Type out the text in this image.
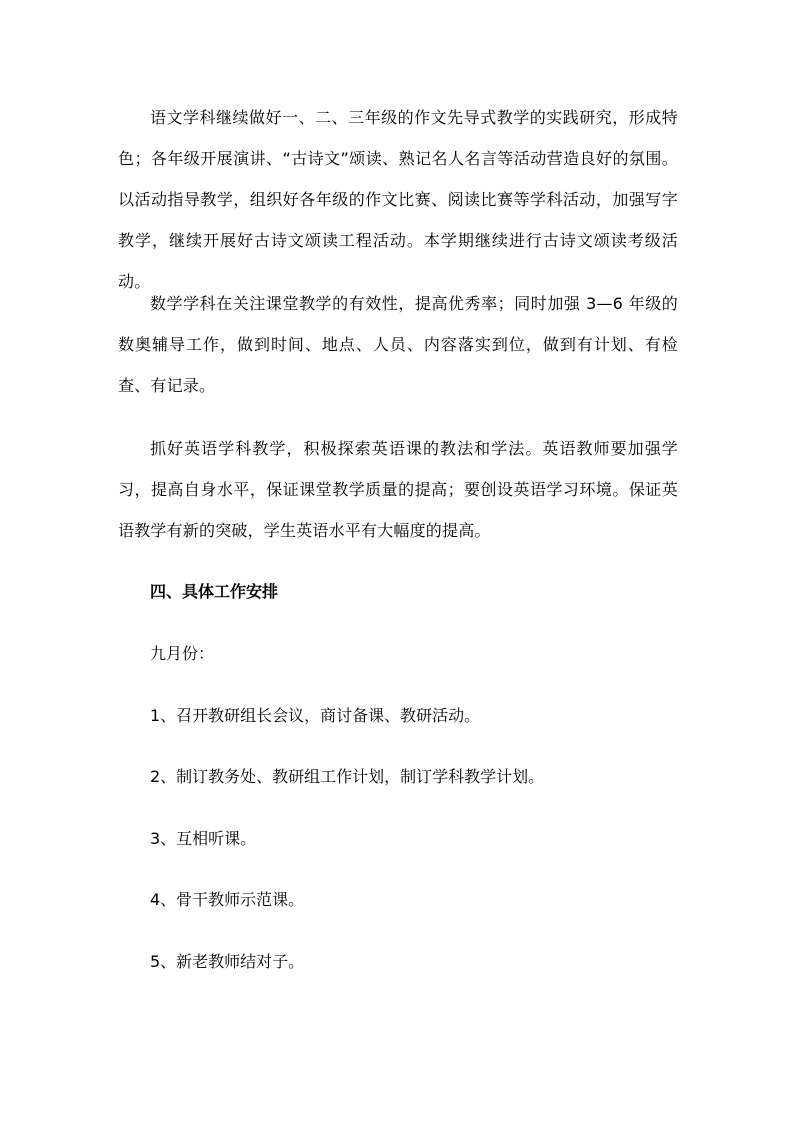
语文学科继续做好一、二、三年级的作文先导式教学的实践研究，形成特色；各年级开展演讲、“古诗文”颂读、熟记名人名言等活动营造良好的氛围。以活动指导教学，组织好各年级的作文比赛、阅读比赛等学科活动，加强写字教学，继续开展好古诗文颂读工程活动。本学期继续进行古诗文颂读考级活动。

数学学科在关注课堂教学的有效性，提高优秀率；同时加强 3—6 年级的数奥辅导工作，做到时间、地点、人员、内容落实到位，做到有计划、有检查、有记录。

抓好英语学科教学，积极探索英语课的教法和学法。英语教师要加强学习，提高自身水平，保证课堂教学质量的提高；要创设英语学习环境。保证英语教学有新的突破，学生英语水平有大幅度的提高。

四、具体工作安排

九月份：

1、召开教研组长会议，商讨备课、教研活动。

2、制订教务处、教研组工作计划，制订学科教学计划。

3、互相听课。

4、骨干教师示范课。

5、新老教师结对子。
